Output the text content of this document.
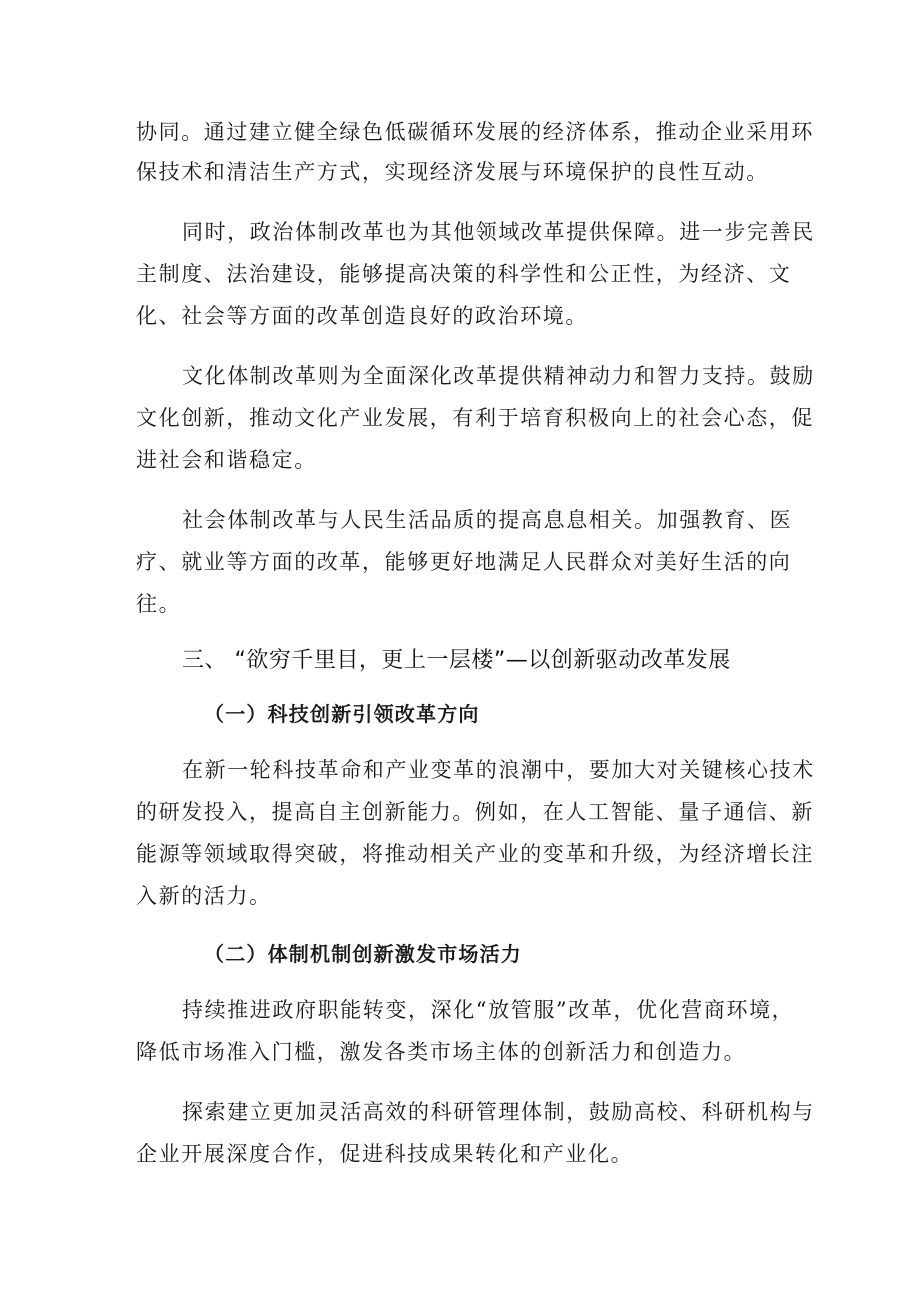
协同。通过建立健全绿色低碳循环发展的经济体系，推动企业采用环

保技术和清洁生产方式，实现经济发展与环境保护的良性互动。

同时，政治体制改革也为其他领域改革提供保障。进一步完善民

主制度、法治建设，能够提高决策的科学性和公正性，为经济、文

化、社会等方面的改革创造良好的政治环境。

文化体制改革则为全面深化改革提供精神动力和智力支持。鼓励

文化创新，推动文化产业发展，有利于培育积极向上的社会心态，促

进社会和谐稳定。

社会体制改革与人民生活品质的提高息息相关。加强教育、医

疗、就业等方面的改革，能够更好地满足人民群众对美好生活的向

往。

三、 “欲穷千里目，更上一层楼”—以创新驱动改革发展
（一）科技创新引领改革方向

在新一轮科技革命和产业变革的浪潮中，要加大对关键核心技术

的研发投入，提高自主创新能力。例如，在人工智能、量子通信、新

能源等领域取得突破，将推动相关产业的变革和升级，为经济增长注

入新的活力。

（二）体制机制创新激发市场活力

持续推进政府职能转变，深化“放管服”改革，优化营商环境，

降低市场准入门槛，激发各类市场主体的创新活力和创造力。

探索建立更加灵活高效的科研管理体制，鼓励高校、科研机构与

企业开展深度合作，促进科技成果转化和产业化。
